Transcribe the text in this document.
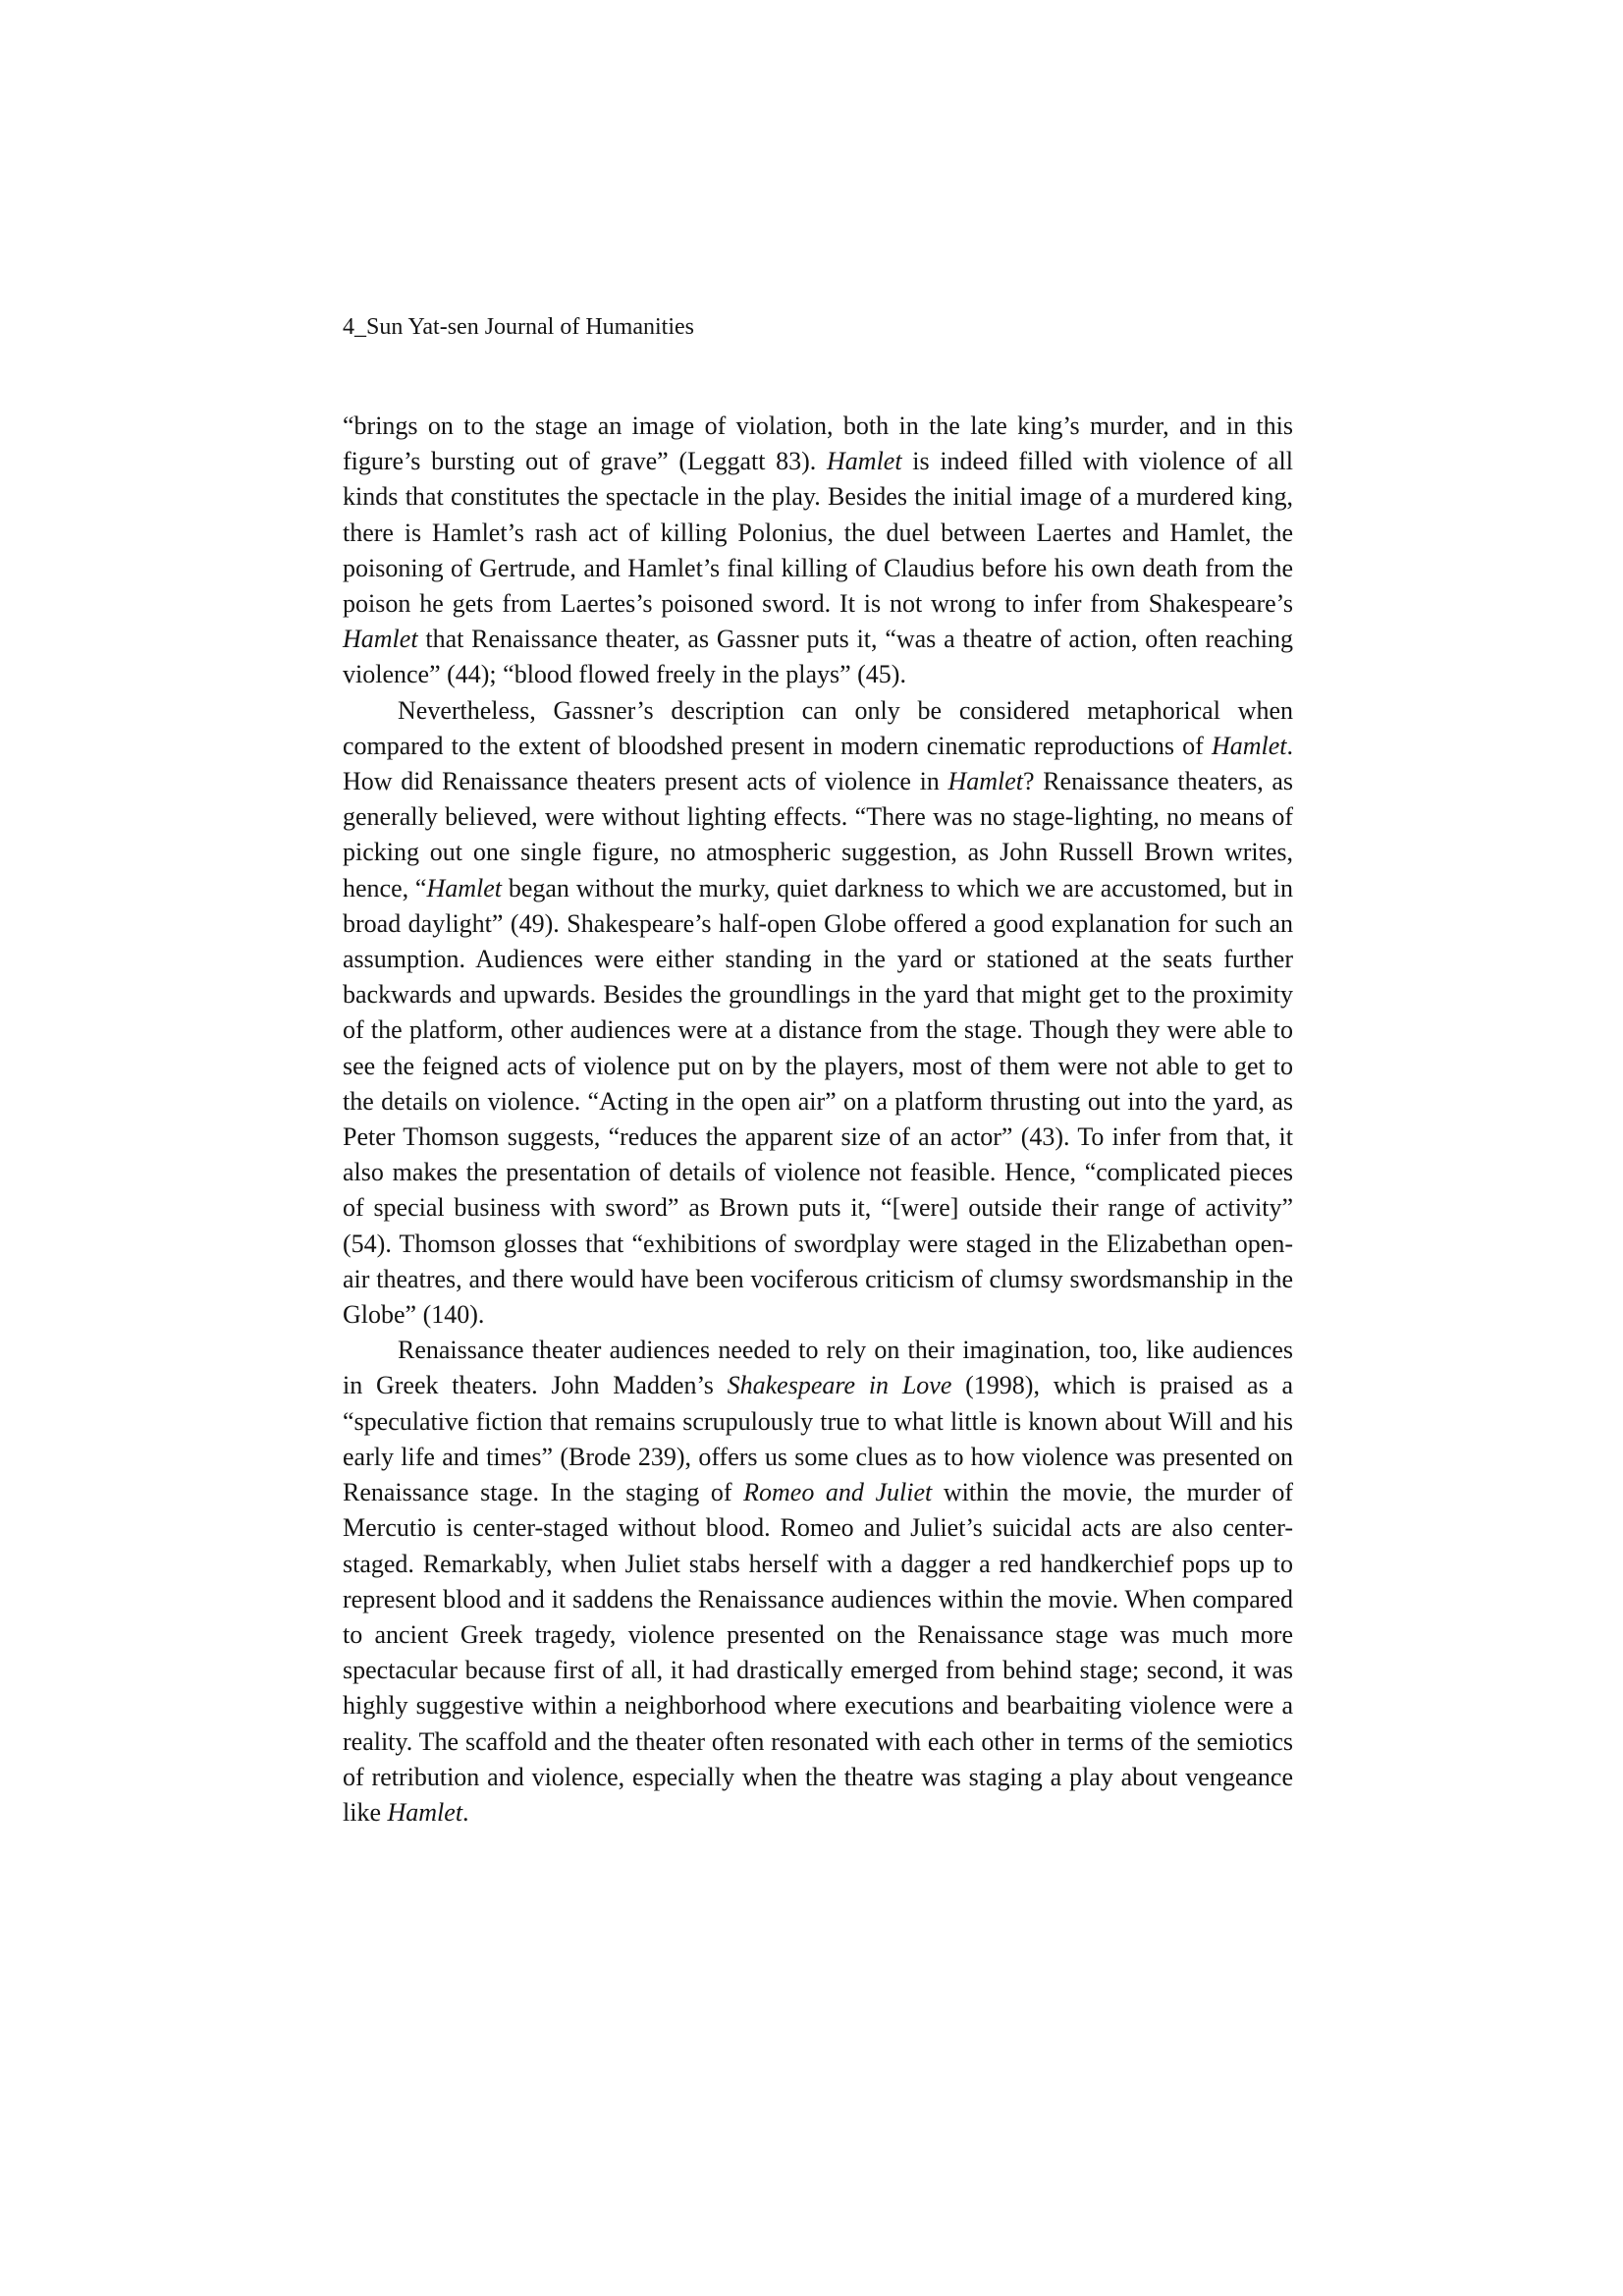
4_Sun Yat-sen Journal of Humanities

“brings on to the stage an image of violation, both in the late king’s murder, and in this figure’s bursting out of grave” (Leggatt 83). Hamlet is indeed filled with violence of all kinds that constitutes the spectacle in the play. Besides the initial image of a murdered king, there is Hamlet’s rash act of killing Polonius, the duel between Laertes and Hamlet, the poisoning of Gertrude, and Hamlet’s final killing of Claudius before his own death from the poison he gets from Laertes’s poisoned sword. It is not wrong to infer from Shakespeare’s Hamlet that Renaissance theater, as Gassner puts it, “was a theatre of action, often reaching violence” (44); “blood flowed freely in the plays” (45).

Nevertheless, Gassner’s description can only be considered metaphorical when compared to the extent of bloodshed present in modern cinematic reproductions of Hamlet. How did Renaissance theaters present acts of violence in Hamlet? Renaissance theaters, as generally believed, were without lighting effects. “There was no stage-lighting, no means of picking out one single figure, no atmospheric suggestion, as John Russell Brown writes, hence, “Hamlet began without the murky, quiet darkness to which we are accustomed, but in broad daylight” (49). Shakespeare’s half-open Globe offered a good explanation for such an assumption. Audiences were either standing in the yard or stationed at the seats further backwards and upwards. Besides the groundlings in the yard that might get to the proximity of the platform, other audiences were at a distance from the stage. Though they were able to see the feigned acts of violence put on by the players, most of them were not able to get to the details on violence. “Acting in the open air” on a platform thrusting out into the yard, as Peter Thomson suggests, “reduces the apparent size of an actor” (43). To infer from that, it also makes the presentation of details of violence not feasible. Hence, “complicated pieces of special business with sword” as Brown puts it, “[were] outside their range of activity” (54). Thomson glosses that “exhibitions of swordplay were staged in the Elizabethan open-air theatres, and there would have been vociferous criticism of clumsy swordsmanship in the Globe” (140).

Renaissance theater audiences needed to rely on their imagination, too, like audiences in Greek theaters. John Madden’s Shakespeare in Love (1998), which is praised as a “speculative fiction that remains scrupulously true to what little is known about Will and his early life and times” (Brode 239), offers us some clues as to how violence was presented on Renaissance stage. In the staging of Romeo and Juliet within the movie, the murder of Mercutio is center-staged without blood. Romeo and Juliet’s suicidal acts are also center-staged. Remarkably, when Juliet stabs herself with a dagger a red handkerchief pops up to represent blood and it saddens the Renaissance audiences within the movie. When compared to ancient Greek tragedy, violence presented on the Renaissance stage was much more spectacular because first of all, it had drastically emerged from behind stage; second, it was highly suggestive within a neighborhood where executions and bearbaiting violence were a reality. The scaffold and the theater often resonated with each other in terms of the semiotics of retribution and violence, especially when the theatre was staging a play about vengeance like Hamlet.
